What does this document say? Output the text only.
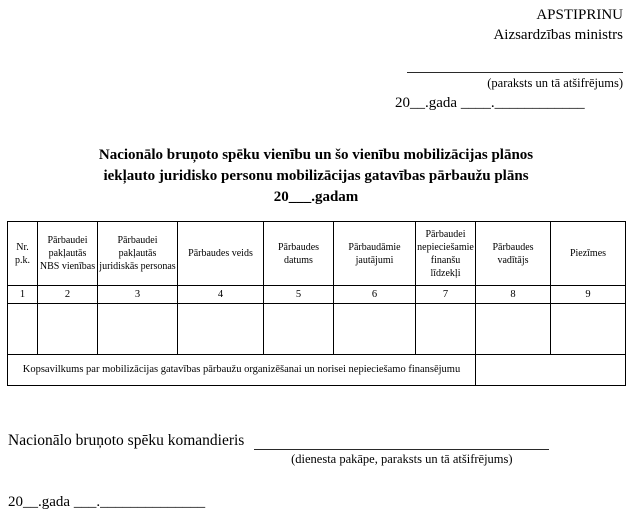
APSTIPRINU
Aizsardzības ministrs
(paraksts un tā atšifrējums)
20__.gada ____.____________
Nacionālo bruņoto spēku vienību un šo vienību mobilizācijas plānos
iekļauto juridisko personu mobilizācijas gatavības pārbaužu plāns
20___.gadam
Nr. p.k.	Pārbaudei pakļautās NBS vienības	Pārbaudei pakļautās juridiskās personas	Pārbaudes veids	Pārbaudes datums	Pārbaudāmie jautājumi	Pārbaudei nepieciešamie finanšu līdzekļi	Pārbaudes vadītājs	Piezīmes
1	2	3	4	5	6	7	8	9

Kopsavilkums par mobilizācijas gatavības pārbaužu organizēšanai un norisei nepieciešamo finansējumu								
Nacionālo bruņoto spēku komandieris
(dienesta pakāpe, paraksts un tā atšifrējums)
20__.gada ___.______________
